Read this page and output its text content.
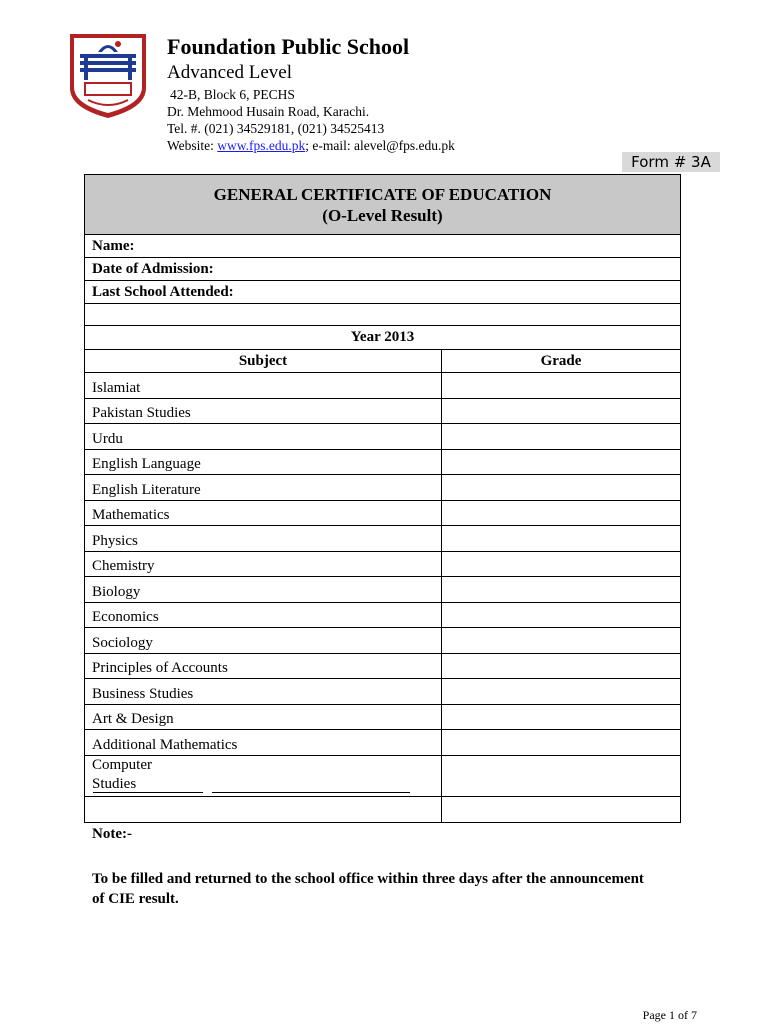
Foundation Public School
Advanced Level
42-B, Block 6, PECHS
Dr. Mehmood Husain Road, Karachi.
Tel. #. (021) 34529181, (021) 34525413
Website: www.fps.edu.pk; e-mail: alevel@fps.edu.pk
Form # 3A
GENERAL CERTIFICATE OF EDUCATION
(O-Level Result)	

Name:	
Date of Admission:	
Last School Attended:	

Year 2013	
Subject	Grade
Islamiat	
Pakistan Studies	
Urdu	
English Language	
English Literature	
Mathematics	
Physics	
Chemistry	
Biology	
Economics	
Sociology	
Principles of Accounts	
Business Studies	
Art & Design	
Additional Mathematics	

Computer
Studies	

Note:-
To be filled and returned to the school office within three days after the announcement of CIE result.
Page 1 of 7
